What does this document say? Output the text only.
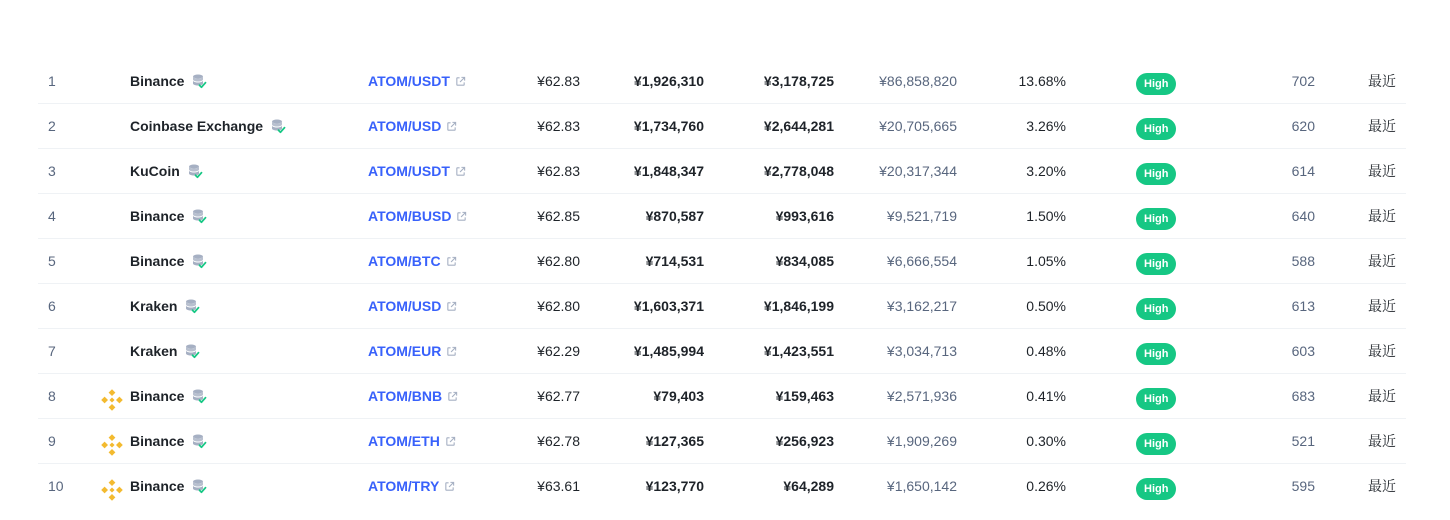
1	Binance	ATOM/USDT	¥62.83	¥1,926,310	¥3,178,725	¥86,858,820	13.68%	High	702	最近
2	Coinbase Exchange	ATOM/USD	¥62.83	¥1,734,760	¥2,644,281	¥20,705,665	3.26%	High	620	最近
3	KuCoin	ATOM/USDT	¥62.83	¥1,848,347	¥2,778,048	¥20,317,344	3.20%	High	614	最近
4	Binance	ATOM/BUSD	¥62.85	¥870,587	¥993,616	¥9,521,719	1.50%	High	640	最近
5	Binance	ATOM/BTC	¥62.80	¥714,531	¥834,085	¥6,666,554	1.05%	High	588	最近
6	Kraken	ATOM/USD	¥62.80	¥1,603,371	¥1,846,199	¥3,162,217	0.50%	High	613	最近
7	Kraken	ATOM/EUR	¥62.29	¥1,485,994	¥1,423,551	¥3,034,713	0.48%	High	603	最近
8	Binance	ATOM/BNB	¥62.77	¥79,403	¥159,463	¥2,571,936	0.41%	High	683	最近
9	Binance	ATOM/ETH	¥62.78	¥127,365	¥256,923	¥1,909,269	0.30%	High	521	最近
10	Binance	ATOM/TRY	¥63.61	¥123,770	¥64,289	¥1,650,142	0.26%	High	595	最近
